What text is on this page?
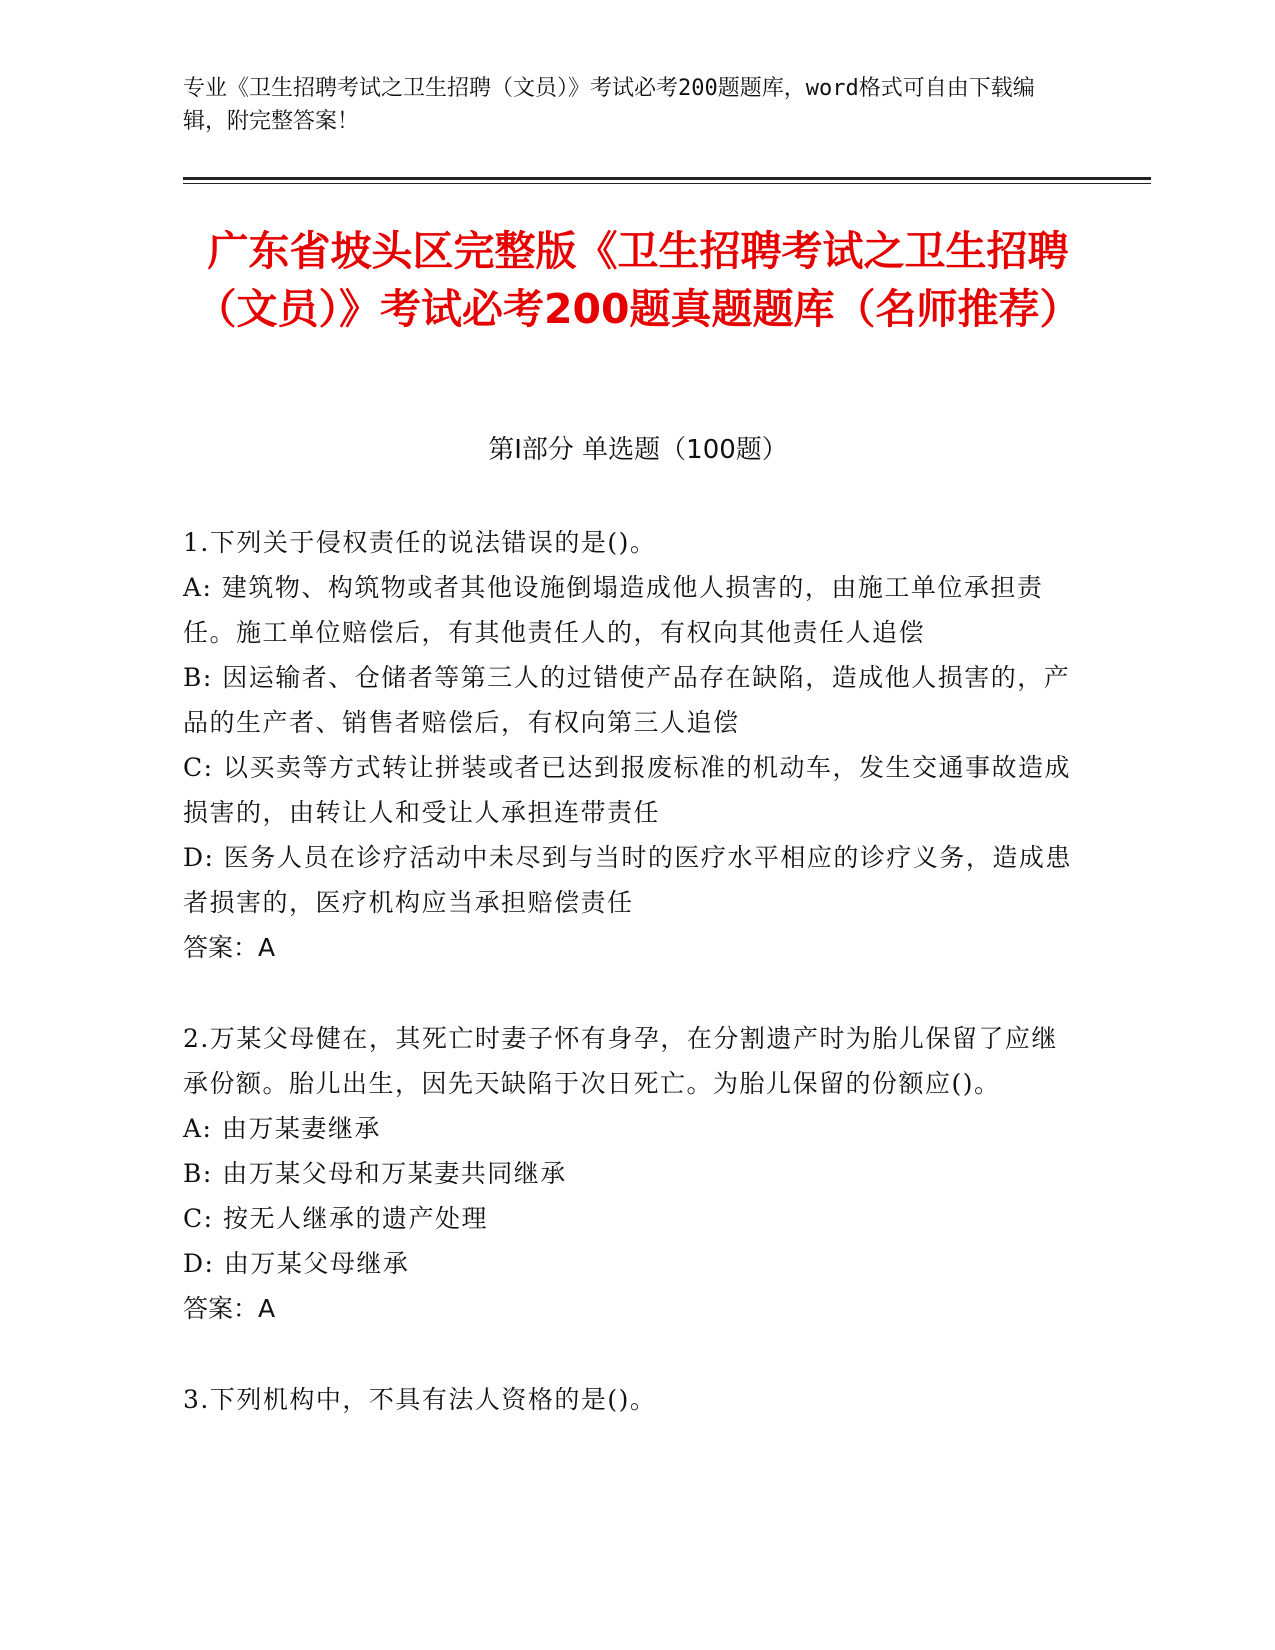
专业《卫生招聘考试之卫生招聘（文员）》考试必考200题题库，word格式可自由下载编辑，附完整答案！
广东省坡头区完整版《卫生招聘考试之卫生招聘（文员）》考试必考200题真题题库（名师推荐）
第I部分 单选题（100题）

1.下列关于侵权责任的说法错误的是()。

A: 建筑物、构筑物或者其他设施倒塌造成他人损害的，由施工单位承担责任。施工单位赔偿后，有其他责任人的，有权向其他责任人追偿

B: 因运输者、仓储者等第三人的过错使产品存在缺陷，造成他人损害的，产品的生产者、销售者赔偿后，有权向第三人追偿

C: 以买卖等方式转让拼装或者已达到报废标准的机动车，发生交通事故造成损害的，由转让人和受让人承担连带责任

D: 医务人员在诊疗活动中未尽到与当时的医疗水平相应的诊疗义务，造成患者损害的，医疗机构应当承担赔偿责任

答案：A

2.万某父母健在，其死亡时妻子怀有身孕，在分割遗产时为胎儿保留了应继承份额。胎儿出生，因先天缺陷于次日死亡。为胎儿保留的份额应()。

A: 由万某妻继承

B: 由万某父母和万某妻共同继承

C: 按无人继承的遗产处理

D: 由万某父母继承

答案：A

3.下列机构中，不具有法人资格的是()。
